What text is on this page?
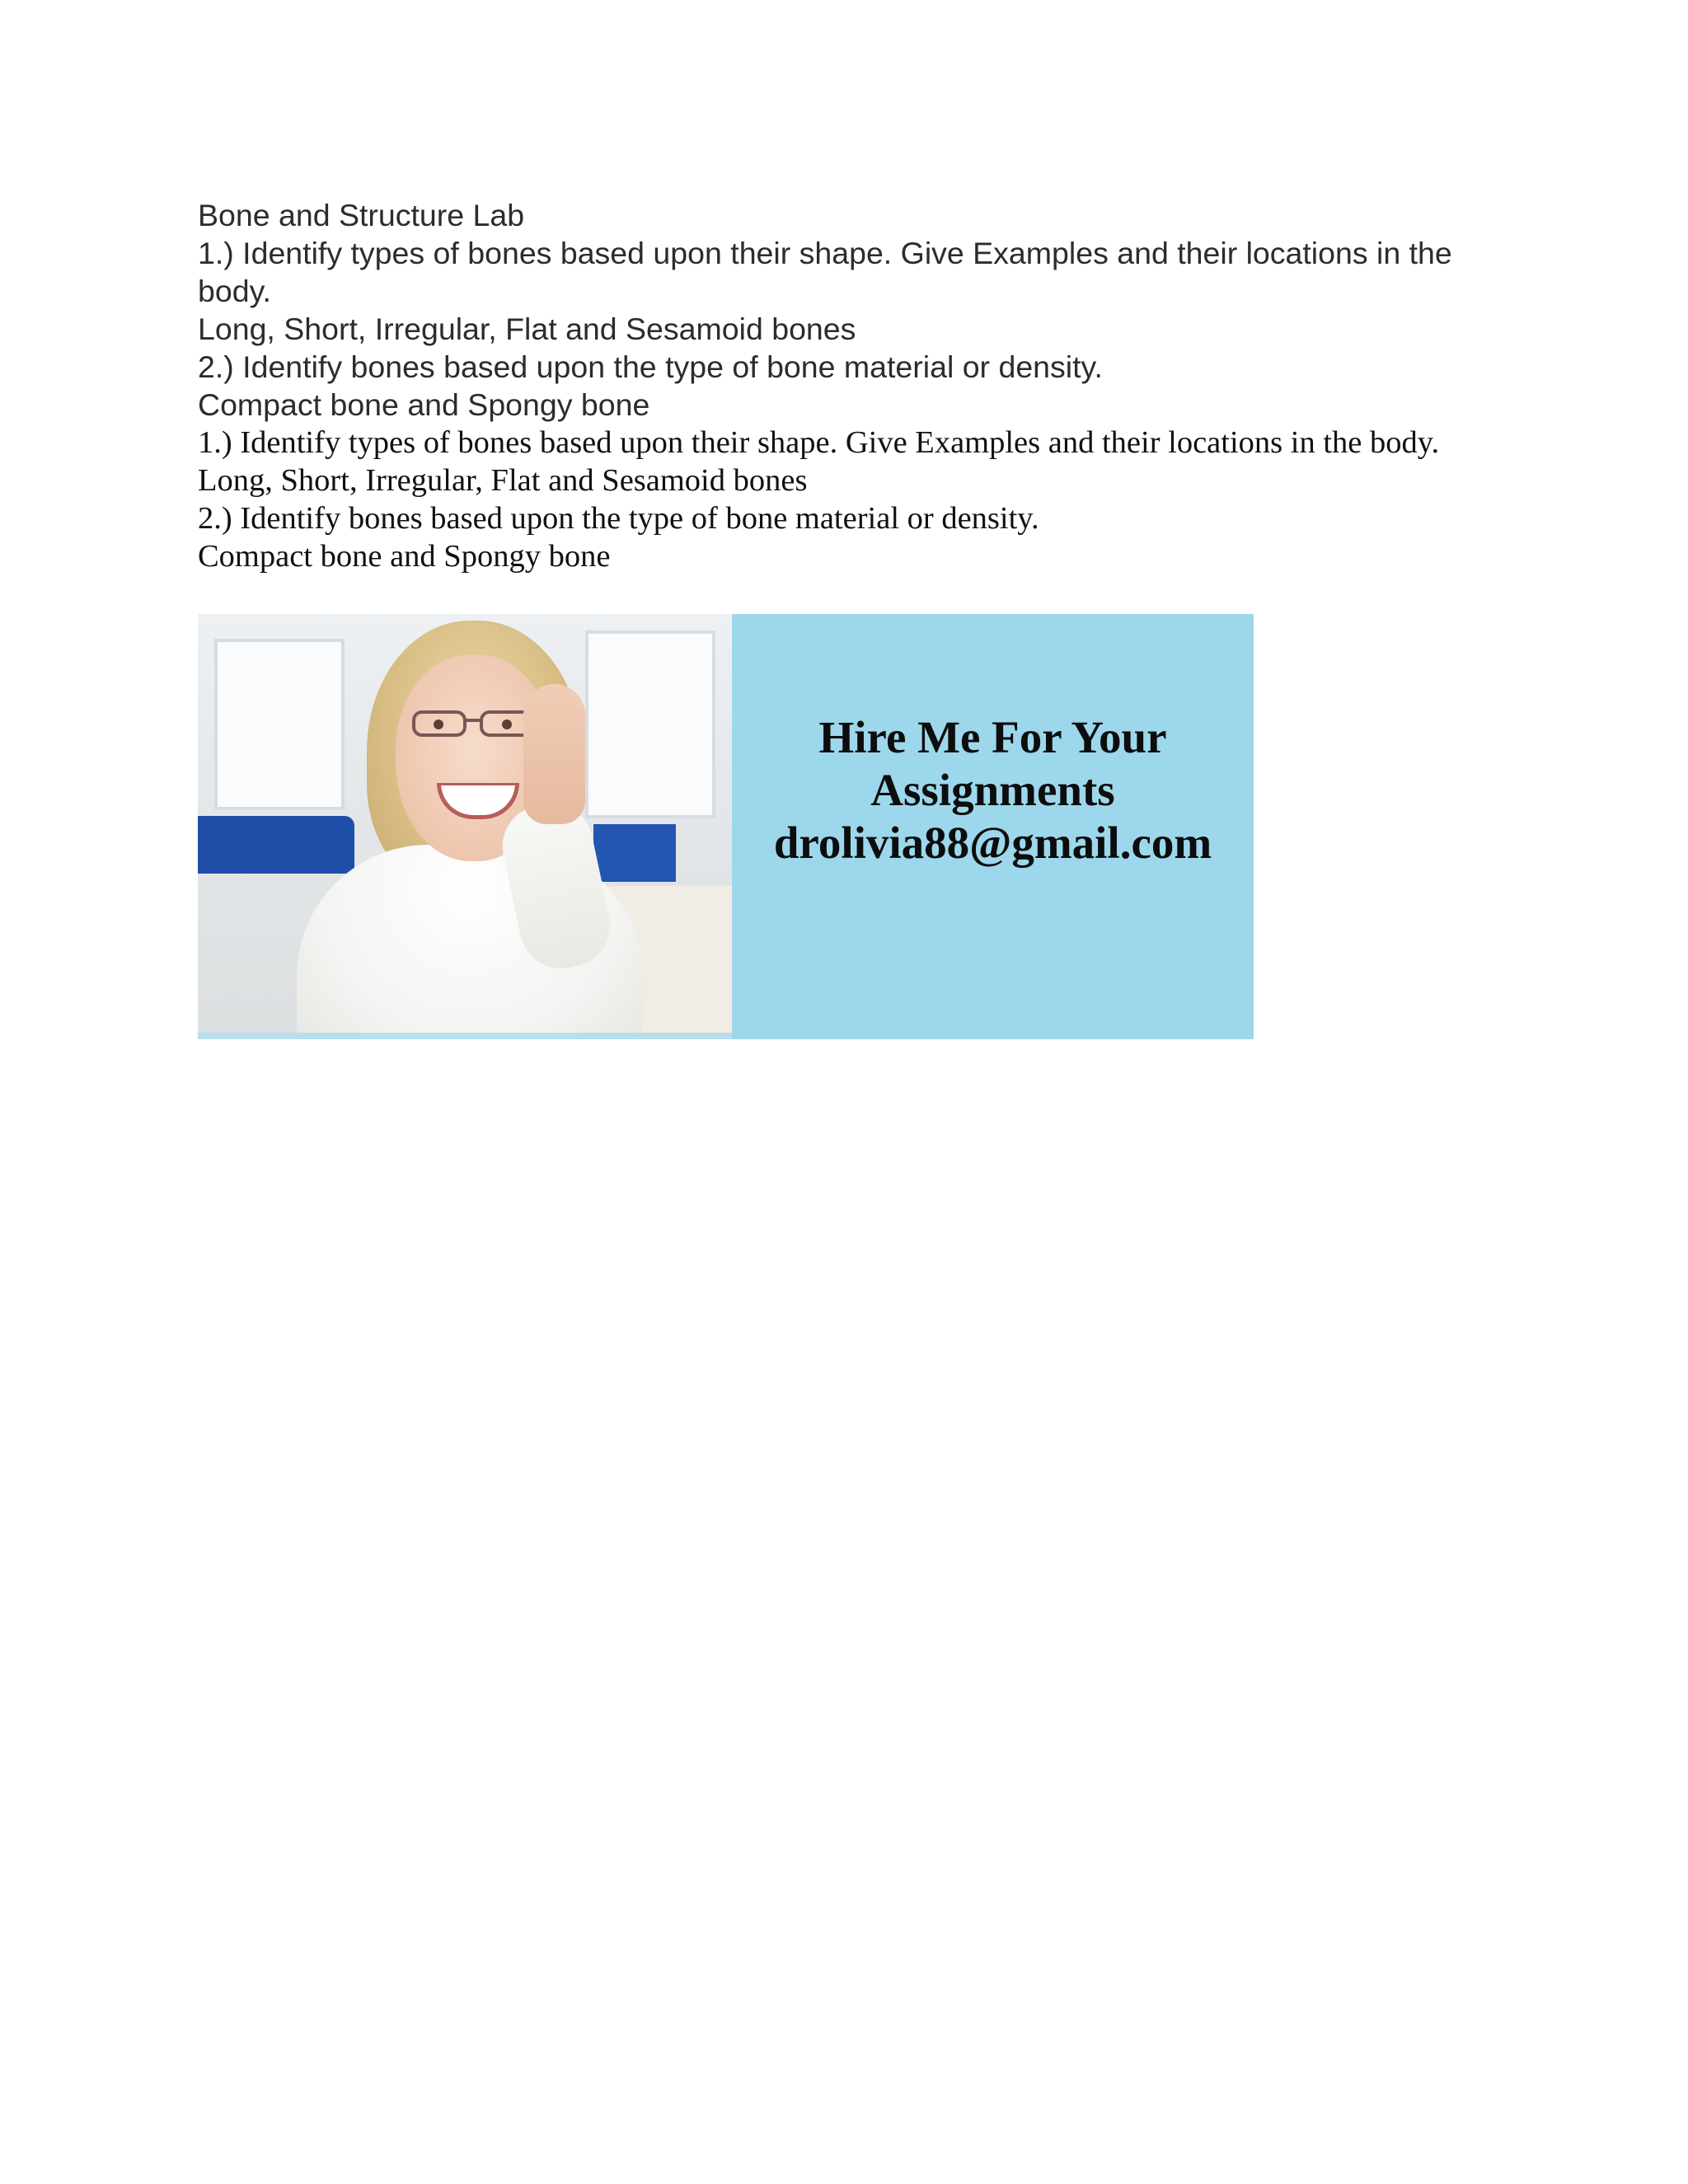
Bone and Structure Lab

1.) Identify types of bones based upon their shape. Give Examples and their locations in the body.

Long, Short, Irregular, Flat and Sesamoid bones

2.) Identify bones based upon the type of bone material or density.

Compact bone and Spongy bone

1.) Identify types of bones based upon their shape. Give Examples and their locations in the body.

Long, Short, Irregular, Flat and Sesamoid bones

2.) Identify bones based upon the type of bone material or density.

Compact bone and Spongy bone

Hire Me For Your
Assignments
drolivia88@gmail.com
